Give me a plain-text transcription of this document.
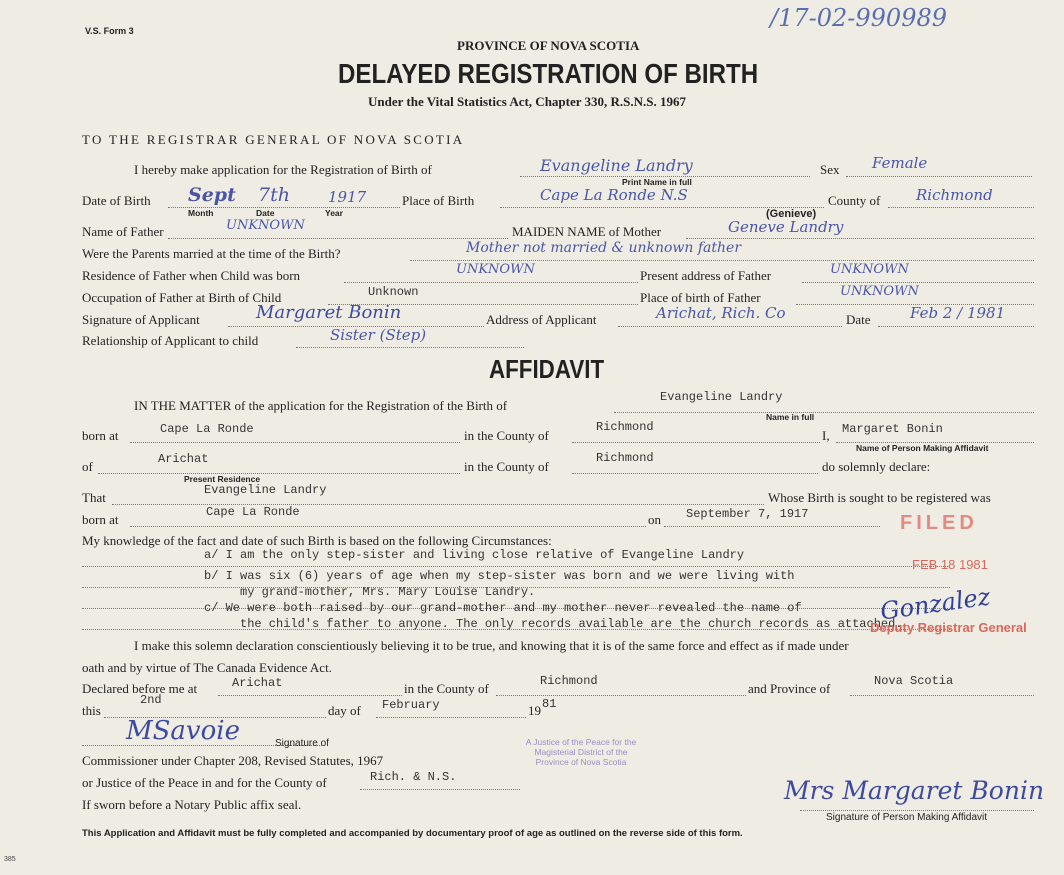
V.S. Form 3	/17-02-990989
PROVINCE OF NOVA SCOTIA
DELAYED REGISTRATION OF BIRTH
Under the Vital Statistics Act, Chapter 330, R.S.N.S. 1967
TO THE REGISTRAR GENERAL OF NOVA SCOTIA
I hereby make application for the Registration of Birth of	Evangeline Landry	Sex Female
Print Name in full
Date of Birth Sept 7th	1917
Month	Date	Year
Place of Birth	Cape La Ronde N.S	County of Richmond
(Genieve)
Name of Father	UNKNOWN	MAIDEN NAME of Mother	Geneve Landry
Were the Parents married at the time of the Birth?	Mother not married & unknown father
Residence of Father when Child was born	UNKNOWN	Present address of Father	UNKNOWN
Occupation of Father at Birth of Child	Unknown	Place of birth of Father	UNKNOWN
Signature of Applicant	Margaret Bonin	Address of Applicant	Arichat, Rich. Co	Date	Feb 2 / 1981
Relationship of Applicant to child	Sister (Step)
AFFIDAVIT
IN THE MATTER of the application for the Registration of the Birth of
Evangeline Landry
Name in full
born at	Cape La Ronde	in the County of
Richmond
I, Margaret Bonin
Name of Person Making Affidavit
of	Arichat
Present Residence
in the County of
Richmond
do solemnly declare:
That	Evangeline Landry	Whose Birth is sought to be registered was
born at	Cape La Ronde	on September 7, 1917
My knowledge of the fact and date of such Birth is based on the following Circumstances:
a/ I am the only step-sister and living close relative of Evangeline Landry
b/ I was six (6) years of age when my step-sister was born and we were living with
my grand-mother, Mrs. Mary Louise Landry.
c/ We were both raised by our grand-mother and my mother never revealed the name of
the child's father to anyone. The only records available are the church records as attached.
I make this solemn declaration conscientiously believing it to be true, and knowing that it is of the same force and effect as if made under
oath and by virtue of The Canada Evidence Act.
Declared before me at	Arichat	in the County of	Richmond	and Province of	Nova Scotia
this
2nd
day of February	19 81
MSavoie	Signature of
Commissioner under Chapter 208, Revised Statutes, 1967
or Justice of the Peace in and for the County of	Rich. & N.S.
If sworn before a Notary Public affix seal.
A Justice of the Peace for the
Magisterial District of the
Province of Nova Scotia
Mrs Margaret Bonin
Signature of Person Making Affidavit
FILED
FEB 18 1981
Gonzalez
Deputy Registrar General
This Application and Affidavit must be fully completed and accompanied by documentary proof of age as outlined on the reverse side of this form.
385
